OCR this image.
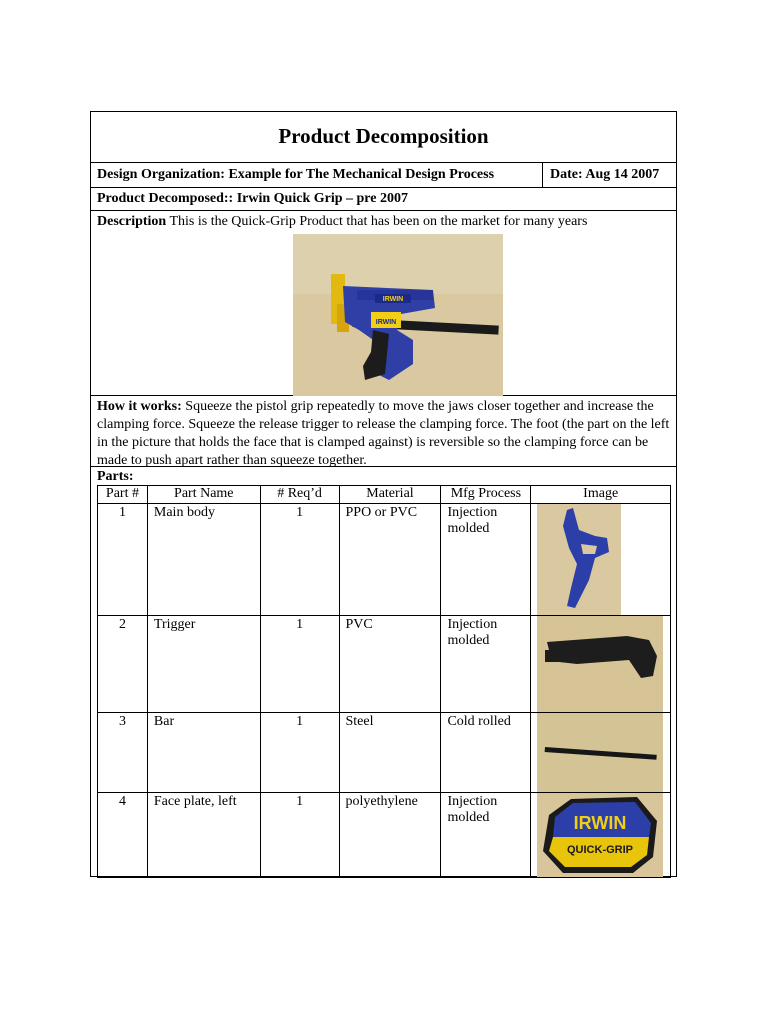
Product Decomposition
Design Organization: Example for The Mechanical Design Process	Date: Aug 14 2007
Product Decomposed:: Irwin Quick Grip – pre 2007
Description This is the Quick-Grip Product that has been on the market for many years
IRWIN
IRWIN
How it works: Squeeze the pistol grip repeatedly to move the jaws closer together and increase the clamping force. Squeeze the release trigger to release the clamping force. The foot (the part on the left in the picture that holds the face that is clamped against) is reversible so the clamping force can be made to push apart rather than squeeze together.
Parts:
Part #	Part Name	# Req’d	Material	Mfg Process	Image
1	Main body	1	PPO or PVC	Injection molded	

2	Trigger	1	PVC	Injection molded	

3	Bar	1	Steel	Cold rolled	

4	Face plate, left	1	polyethylene	Injection molded	IRWIN
QUICK-GRIP
